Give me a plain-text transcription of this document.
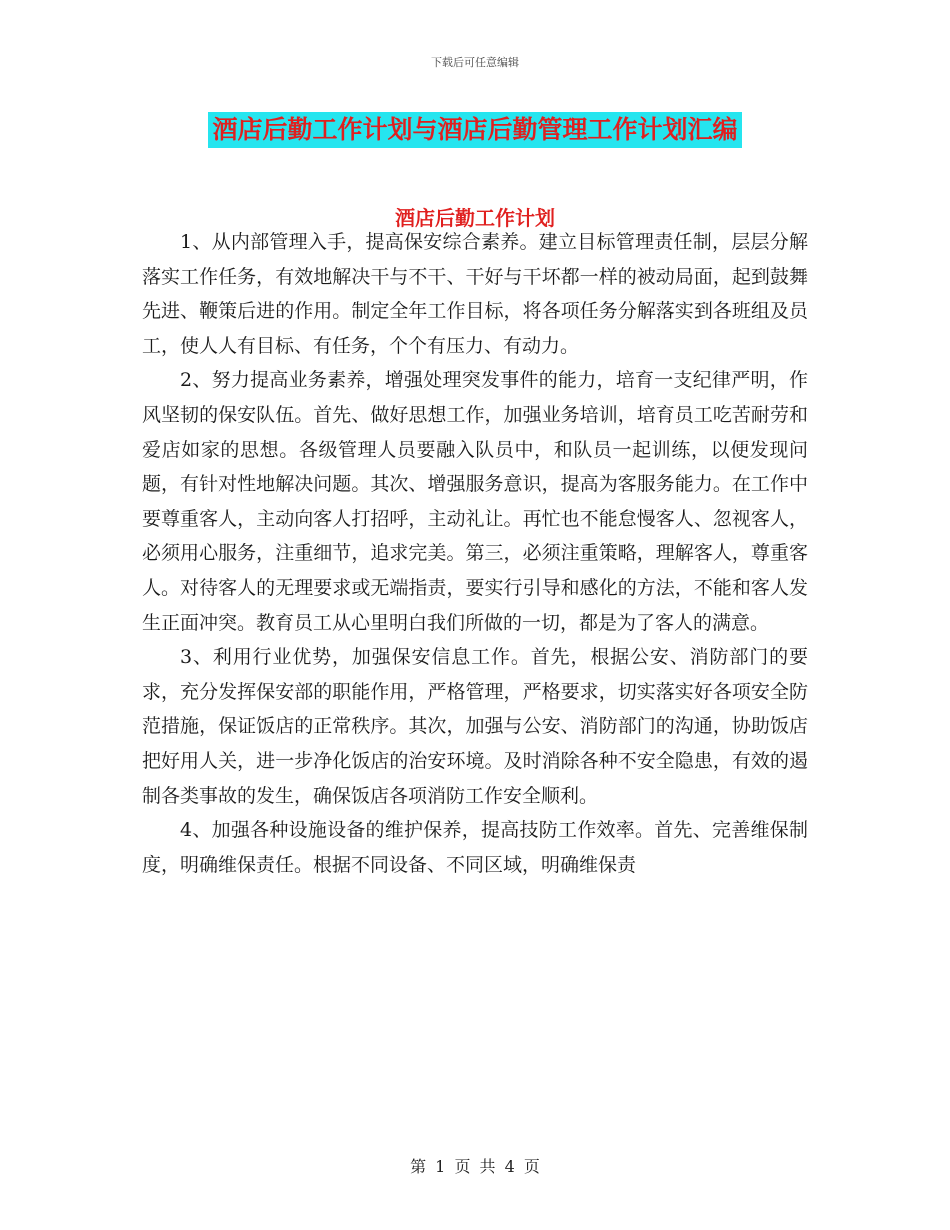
下载后可任意编辑
酒店后勤工作计划与酒店后勤管理工作计划汇编
酒店后勤工作计划

1、从内部管理入手，提高保安综合素养。建立目标管理责任制，层层分解落实工作任务，有效地解决干与不干、干好与干坏都一样的被动局面，起到鼓舞先进、鞭策后进的作用。制定全年工作目标，将各项任务分解落实到各班组及员工，使人人有目标、有任务，个个有压力、有动力。

2、努力提高业务素养，增强处理突发事件的能力，培育一支纪律严明，作风坚韧的保安队伍。首先、做好思想工作，加强业务培训，培育员工吃苦耐劳和爱店如家的思想。各级管理人员要融入队员中，和队员一起训练，以便发现问题，有针对性地解决问题。其次、增强服务意识，提高为客服务能力。在工作中要尊重客人，主动向客人打招呼，主动礼让。再忙也不能怠慢客人、忽视客人，必须用心服务，注重细节，追求完美。第三，必须注重策略，理解客人，尊重客人。对待客人的无理要求或无端指责，要实行引导和感化的方法，不能和客人发生正面冲突。教育员工从心里明白我们所做的一切，都是为了客人的满意。

3、利用行业优势，加强保安信息工作。首先，根据公安、消防部门的要求，充分发挥保安部的职能作用，严格管理，严格要求，切实落实好各项安全防范措施，保证饭店的正常秩序。其次，加强与公安、消防部门的沟通，协助饭店把好用人关，进一步净化饭店的治安环境。及时消除各种不安全隐患，有效的遏制各类事故的发生，确保饭店各项消防工作安全顺利。

4、加强各种设施设备的维护保养，提高技防工作效率。首先、完善维保制度，明确维保责任。根据不同设备、不同区域，明确维保责

第 1 页 共 4 页
